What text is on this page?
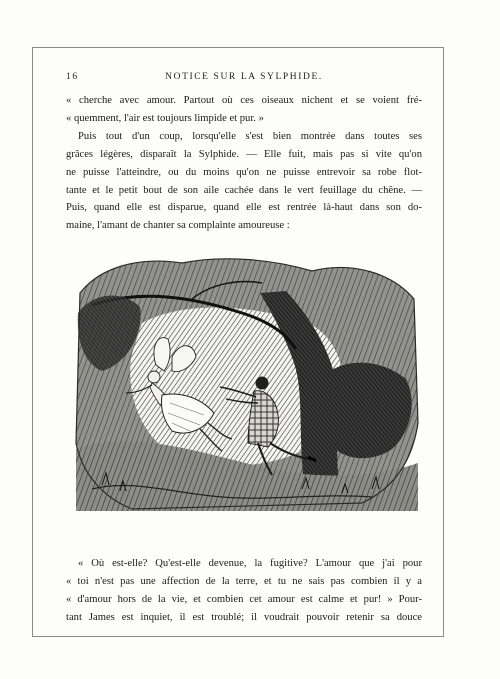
16	NOTICE SUR LA SYLPHIDE.
« cherche avec amour. Partout où ces oiseaux nichent et se voient fré-
« quemment, l'air est toujours limpide et pur. »
Puis tout d'un coup, lorsqu'elle s'est bien montrée dans toutes ses
grâces légères, disparaît la Sylphide. — Elle fuit, mais pas si vite qu'on
ne puisse l'atteindre, ou du moins qu'on ne puisse entrevoir sa robe flot-
tante et le petit bout de son aile cachée dans le vert feuillage du chêne. —
Puis, quand elle est disparue, quand elle est rentrée là-haut dans son do-
maine, l'amant de chanter sa complainte amoureuse :
« Où est-elle? Qu'est-elle devenue, la fugitive? L'amour que j'ai pour
« toi n'est pas une affection de la terre, et tu ne sais pas combien il y a
« d'amour hors de la vie, et combien cet amour est calme et pur! » Pour-
tant James est inquiet, il est troublé; il voudrait pouvoir retenir sa douce
